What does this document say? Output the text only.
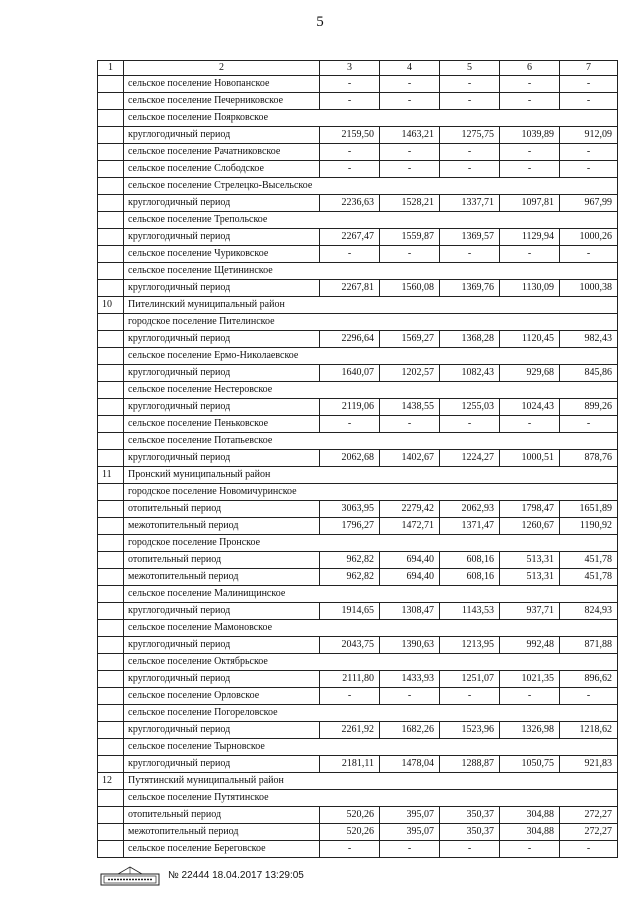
5
1	2	3	4	5	6	7
	сельское поселение Новопанское	-	-	-	-	-
	сельское поселение Печерниковское	-	-	-	-	-
	сельское поселение Поярковское					
	круглогодичный период	2159,50	1463,21	1275,75	1039,89	912,09
	сельское поселение Рачатниковское	-	-	-	-	-
	сельское поселение Слободское	-	-	-	-	-
	сельское поселение Стрелецко-Высельское					
	круглогодичный период	2236,63	1528,21	1337,71	1097,81	967,99
	сельское поселение Трепольское					
	круглогодичный период	2267,47	1559,87	1369,57	1129,94	1000,26
	сельское поселение Чуриковское	-	-	-	-	-
	сельское поселение Щетининское					
	круглогодичный период	2267,81	1560,08	1369,76	1130,09	1000,38
10	Пителинский муниципальный район					
	городское поселение Пителинское					
	круглогодичный период	2296,64	1569,27	1368,28	1120,45	982,43
	сельское поселение Ермо-Николаевское					
	круглогодичный период	1640,07	1202,57	1082,43	929,68	845,86
	сельское поселение Нестеровское					
	круглогодичный период	2119,06	1438,55	1255,03	1024,43	899,26
	сельское поселение Пеньковское	-	-	-	-	-
	сельское поселение Потапьевское					
	круглогодичный период	2062,68	1402,67	1224,27	1000,51	878,76
11	Пронский муниципальный район					
	городское поселение Новомичуринское					
	отопительный период	3063,95	2279,42	2062,93	1798,47	1651,89
	межотопительный период	1796,27	1472,71	1371,47	1260,67	1190,92
	городское поселение Пронское					
	отопительный период	962,82	694,40	608,16	513,31	451,78
	межотопительный период	962,82	694,40	608,16	513,31	451,78
	сельское поселение Малинищинское					
	круглогодичный период	1914,65	1308,47	1143,53	937,71	824,93
	сельское поселение Мамоновское					
	круглогодичный период	2043,75	1390,63	1213,95	992,48	871,88
	сельское поселение Октябрьское					
	круглогодичный период	2111,80	1433,93	1251,07	1021,35	896,62
	сельское поселение Орловское	-	-	-	-	-
	сельское поселение Погореловское					
	круглогодичный период	2261,92	1682,26	1523,96	1326,98	1218,62
	сельское поселение Тырновское					
	круглогодичный период	2181,11	1478,04	1288,87	1050,75	921,83
12	Путятинский муниципальный район					
	сельское поселение Путятинское					
	отопительный период	520,26	395,07	350,37	304,88	272,27
	межотопительный период	520,26	395,07	350,37	304,88	272,27
	сельское поселение Береговское	-	-	-	-	-
№ 22444 18.04.2017 13:29:05
